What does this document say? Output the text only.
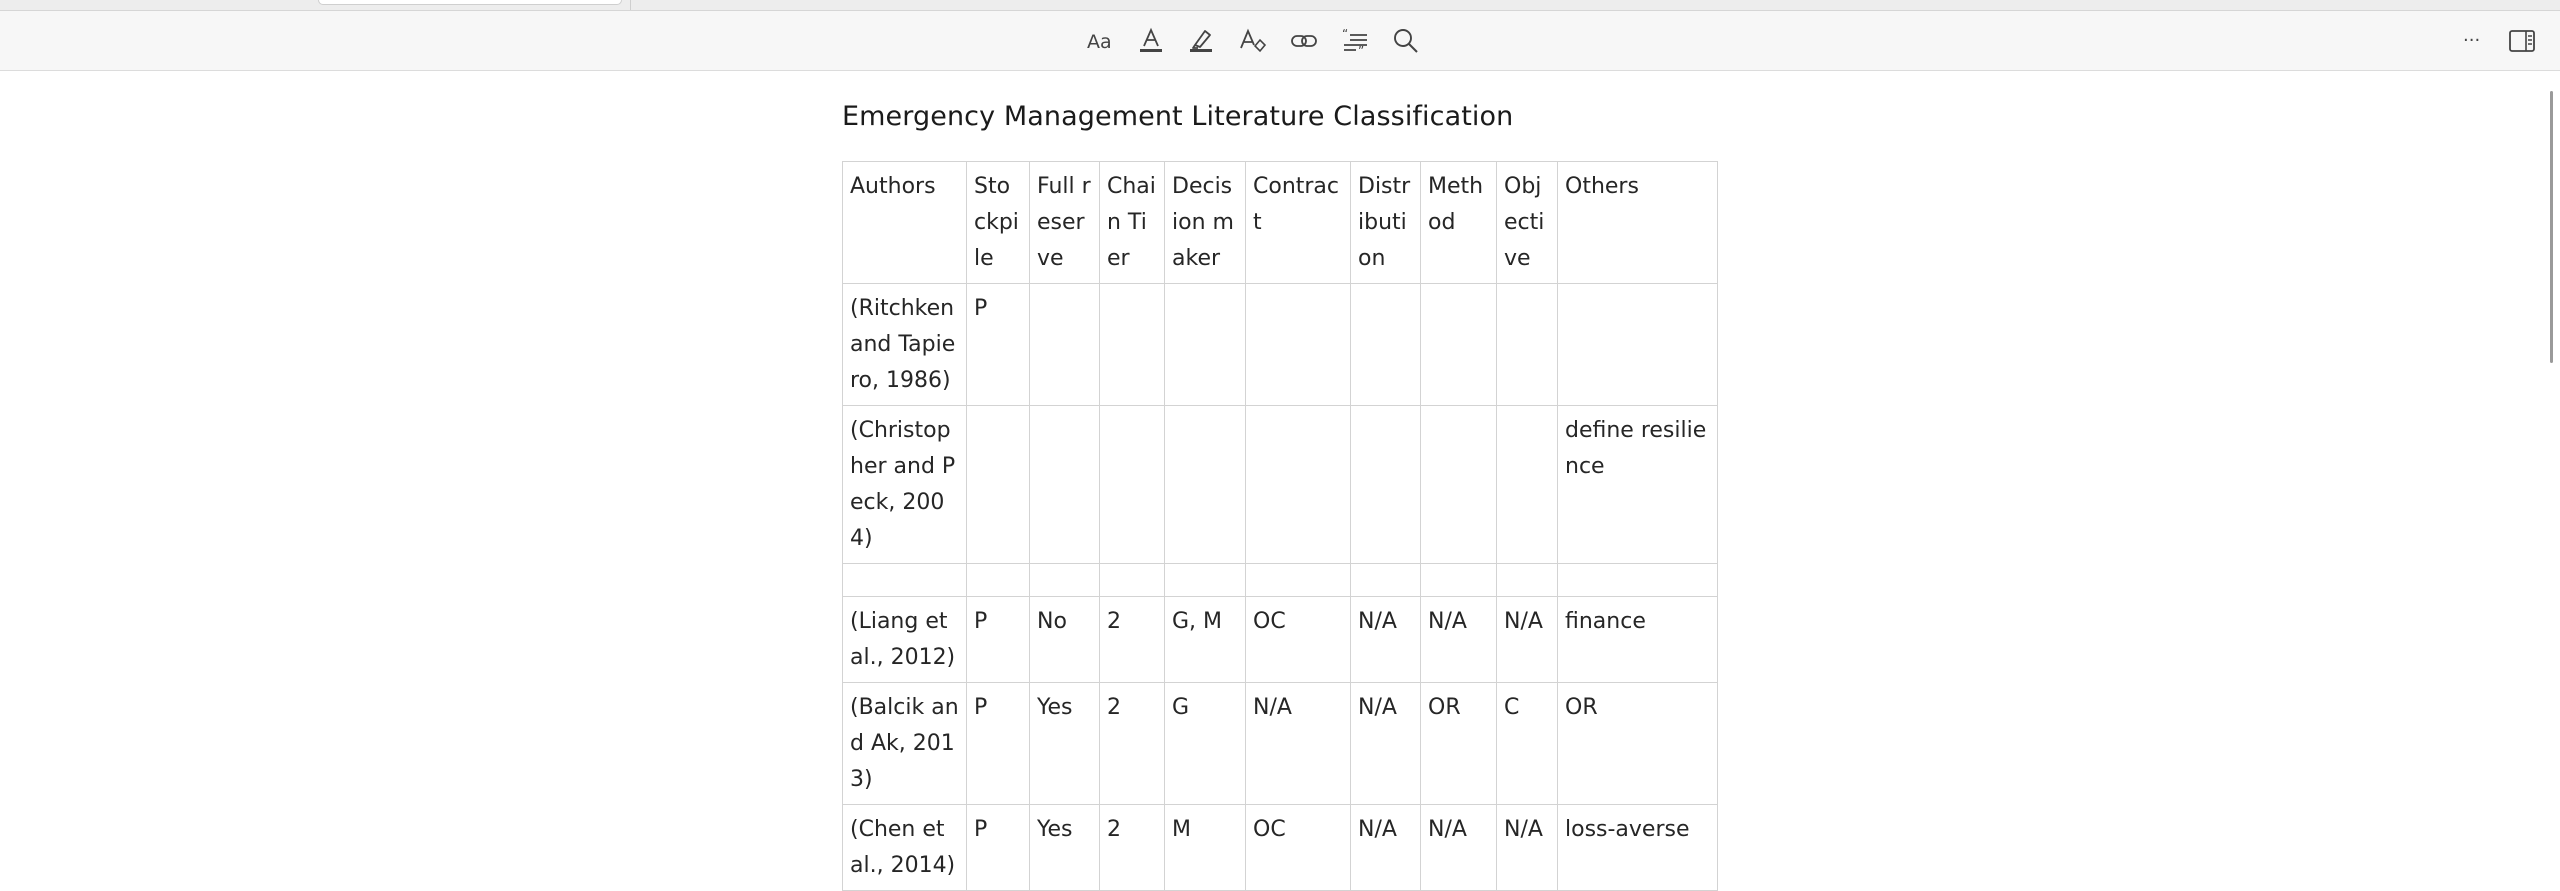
Aa	“
”	···
Emergency Management Literature Classification
Authors	Stockpile	Full reserve	Chain Tier	Decision maker	Contract	Distribution	Method	Objective	Others
(Ritchken and Tapiero, 1986)	P								
(Christopher and Peck, 2004)									define resilience

(Liang et al., 2012)	P	No	2	G, M	OC	N/A	N/A	N/A	finance
(Balcik and Ak, 2013)	P	Yes	2	G	N/A	N/A	OR	C	OR
(Chen et al., 2014)	P	Yes	2	M	OC	N/A	N/A	N/A	loss-averse
